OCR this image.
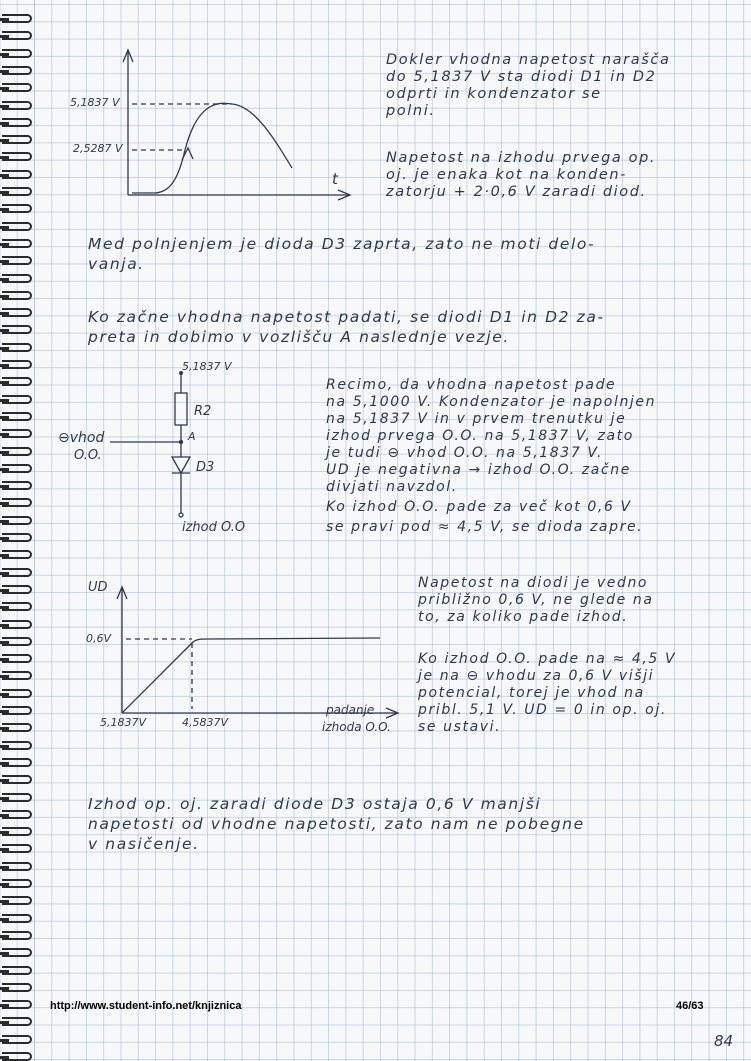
5,1837 V
2,5287 V
t

Dokler vhodna napetost narašča

do 5,1837 V sta diodi D1 in D2

odprti in kondenzator se

polni.

Napetost na izhodu prvega op.

oj. je enaka kot na konden-

zatorju + 2·0,6 V zaradi diod.

Med polnjenjem je dioda D3 zaprta, zato ne moti delo-

vanja.

Ko začne vhodna napetost padati, se diodi D1 in D2 za-

preta in dobimo v vozlišču A naslednje vezje.

5,1837 V
R2
A
D3
⊖vhod
O.O.
izhod O.O

Recimo, da vhodna napetost pade

na 5,1000 V. Kondenzator je napolnjen

na 5,1837 V in v prvem trenutku je

izhod prvega O.O. na 5,1837 V, zato

je tudi ⊖ vhod O.O. na 5,1837 V.

UD je negativna → izhod O.O. začne

divjati navzdol.

Ko izhod O.O. pade za več kot 0,6 V

se pravi pod ≈ 4,5 V, se dioda zapre.

UD
0,6V
5,1837V	4,5837V
padanje
izhoda O.O.

Napetost na diodi je vedno

približno 0,6 V, ne glede na

to, za koliko pade izhod.

Ko izhod O.O. pade na ≈ 4,5 V

je na ⊖ vhodu za 0,6 V višji

potencial, torej je vhod na

pribl. 5,1 V. UD = 0 in op. oj.

se ustavi.

Izhod op. oj. zaradi diode D3 ostaja 0,6 V manjši

napetosti od vhodne napetosti, zato nam ne pobegne

v nasičenje.

http://www.student-info.net/knjiznica	46/63
84
